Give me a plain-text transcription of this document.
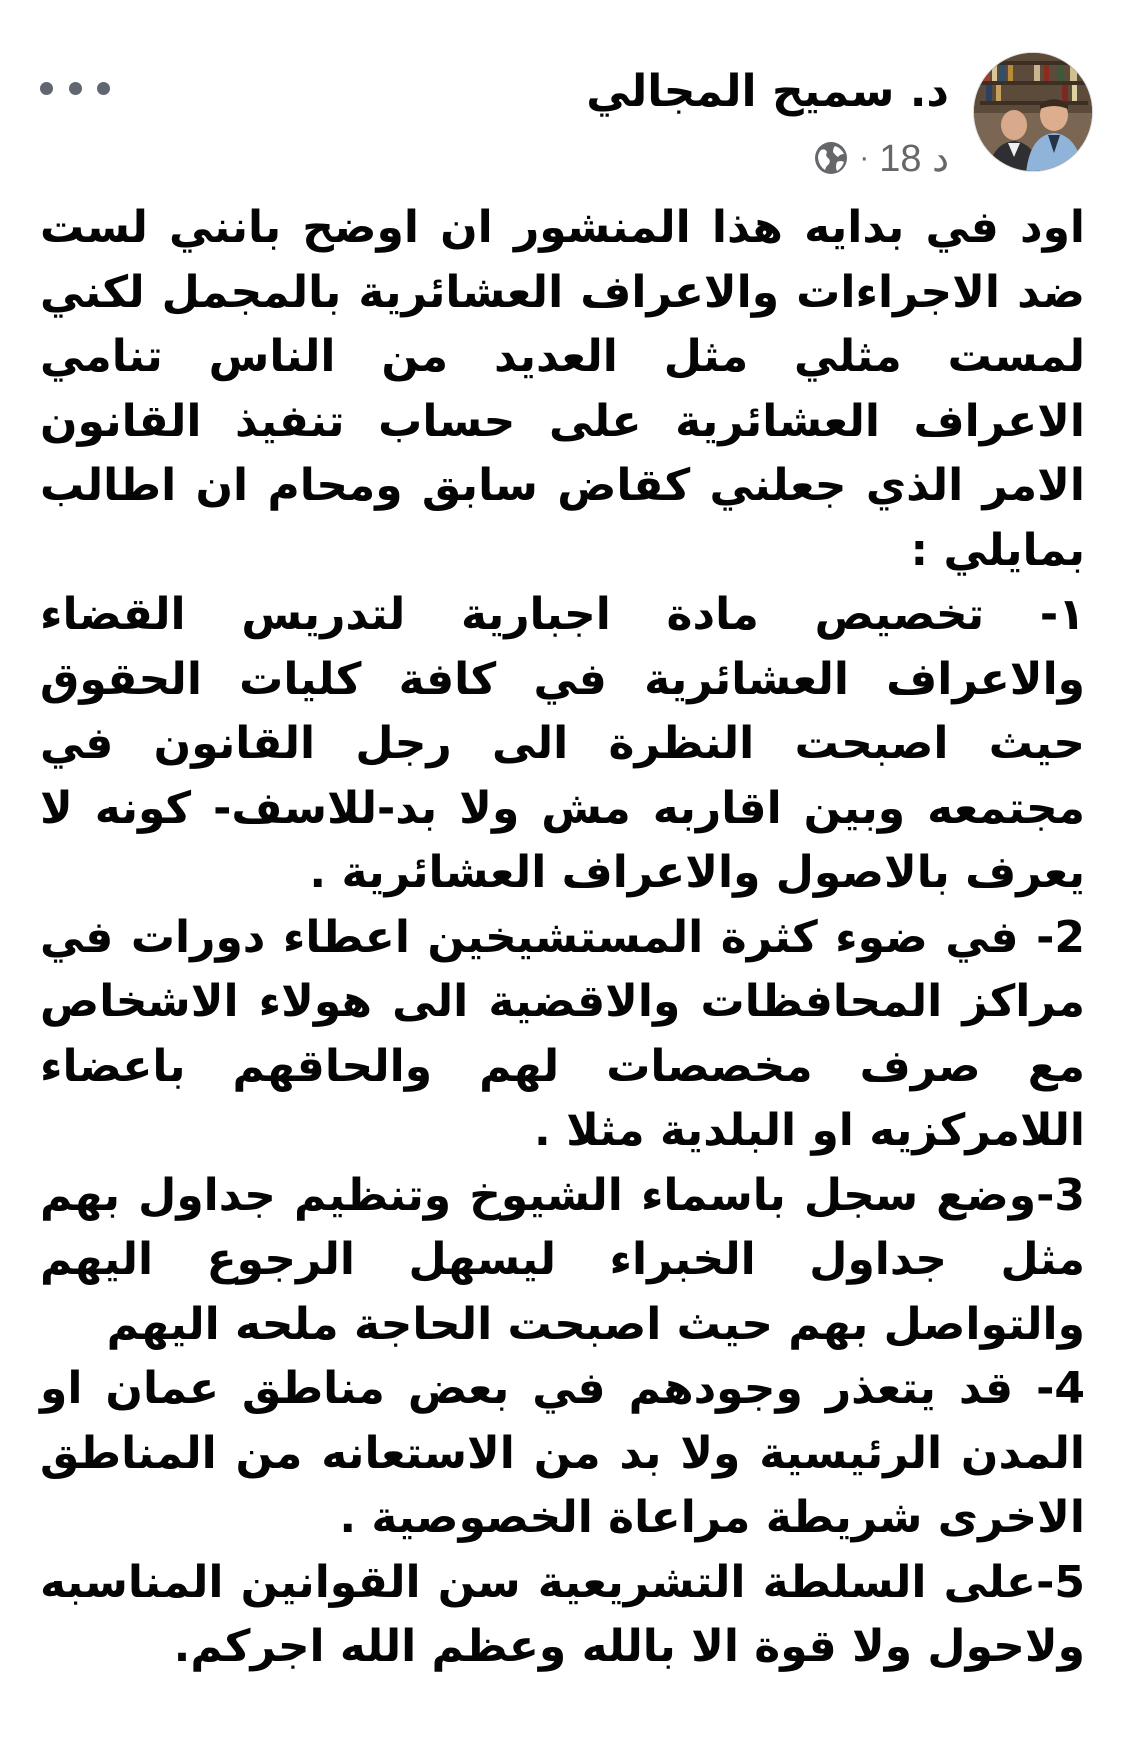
د. سميح المجالي
18 د
·

اود في بدايه هذا المنشور ان اوضح بانني لست ضد الاجراءات والاعراف العشائرية بالمجمل لكني لمست مثلي مثل العديد من الناس تنامي الاعراف العشائرية على حساب تنفيذ القانون الامر الذي جعلني كقاض سابق ومحام ان اطالب بمايلي :

١- تخصيص مادة اجبارية لتدريس القضاء والاعراف العشائرية في كافة كليات الحقوق حيث اصبحت النظرة الى رجل القانون في مجتمعه وبين اقاربه مش ولا بد-للاسف- كونه لا يعرف بالاصول والاعراف العشائرية .

2- في ضوء كثرة المستشيخين اعطاء دورات في مراكز المحافظات والاقضية الى هولاء الاشخاص مع صرف مخصصات لهم والحاقهم باعضاء اللامركزيه او البلدية مثلا .

3-وضع سجل باسماء الشيوخ وتنظيم جداول بهم مثل جداول الخبراء ليسهل الرجوع اليهم والتواصل بهم حيث اصبحت الحاجة ملحه اليهم

4- قد يتعذر وجودهم في بعض مناطق عمان او المدن الرئيسية ولا بد من الاستعانه من المناطق الاخرى شريطة مراعاة الخصوصية .

5-على السلطة التشريعية سن القوانين المناسبه ولاحول ولا قوة الا بالله وعظم الله اجركم.
